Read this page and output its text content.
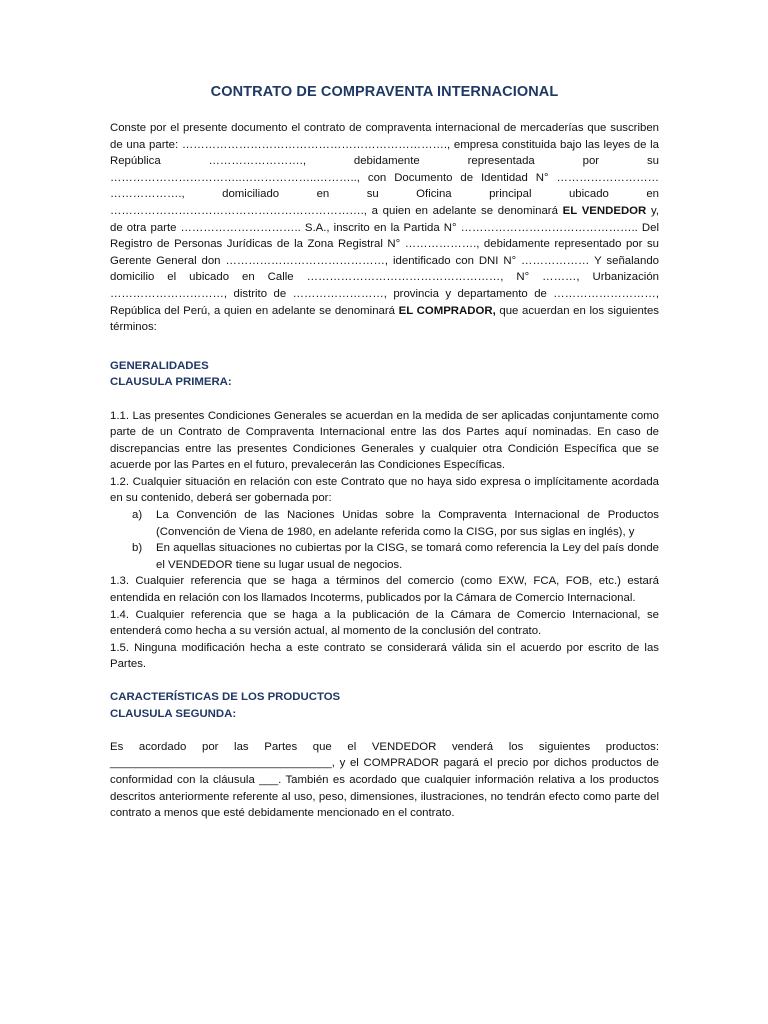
CONTRATO DE COMPRAVENTA INTERNACIONAL

Conste por el presente documento el contrato de compraventa internacional de mercaderías que suscriben de una parte: ……………………………………………………………., empresa constituida bajo las leyes de la República ……………………., debidamente representada por su ……………………………..………………..……….., con Documento de Identidad N° ……………………… ………………., domiciliado en su Oficina principal ubicado en …………………………………………………………., a quien en adelante se denominará EL VENDEDOR y, de otra parte ………………………….. S.A., inscrito en la Partida N° ……………………………………….. Del Registro de Personas Jurídicas de la Zona Registral N° ………………., debidamente representado por su Gerente General don ……………………………………, identificado con DNI N° ……………… Y señalando domicilio el ubicado en Calle ……………………………………………, N° ………, Urbanización …………………………, distrito de ……………………, provincia y departamento de ………………………, República del Perú, a quien en adelante se denominará EL COMPRADOR, que acuerdan en los siguientes términos:

GENERALIDADES
CLAUSULA PRIMERA:

1.1. Las presentes Condiciones Generales se acuerdan en la medida de ser aplicadas conjuntamente como parte de un Contrato de Compraventa Internacional entre las dos Partes aquí nominadas. En caso de discrepancias entre las presentes Condiciones Generales y cualquier otra Condición Específica que se acuerde por las Partes en el futuro, prevalecerán las Condiciones Específicas.

1.2. Cualquier situación en relación con este Contrato que no haya sido expresa o implícitamente acordada en su contenido, deberá ser gobernada por:

a) La Convención de las Naciones Unidas sobre la Compraventa Internacional de Productos (Convención de Viena de 1980, en adelante referida como la CISG, por sus siglas en inglés), y
b) En aquellas situaciones no cubiertas por la CISG, se tomará como referencia la Ley del país donde el VENDEDOR tiene su lugar usual de negocios.

1.3. Cualquier referencia que se haga a términos del comercio (como EXW, FCA, FOB, etc.) estará entendida en relación con los llamados Incoterms, publicados por la Cámara de Comercio Internacional.

1.4. Cualquier referencia que se haga a la publicación de la Cámara de Comercio Internacional, se entenderá como hecha a su versión actual, al momento de la conclusión del contrato.

1.5. Ninguna modificación hecha a este contrato se considerará válida sin el acuerdo por escrito de las Partes.

CARACTERÍSTICAS DE LOS PRODUCTOS
CLAUSULA SEGUNDA:

Es acordado por las Partes que el VENDEDOR venderá los siguientes productos: ___________________________________, y el COMPRADOR pagará el precio por dichos productos de conformidad con la cláusula ___. También es acordado que cualquier información relativa a los productos descritos anteriormente referente al uso, peso, dimensiones, ilustraciones, no tendrán efecto como parte del contrato a menos que esté debidamente mencionado en el contrato.
